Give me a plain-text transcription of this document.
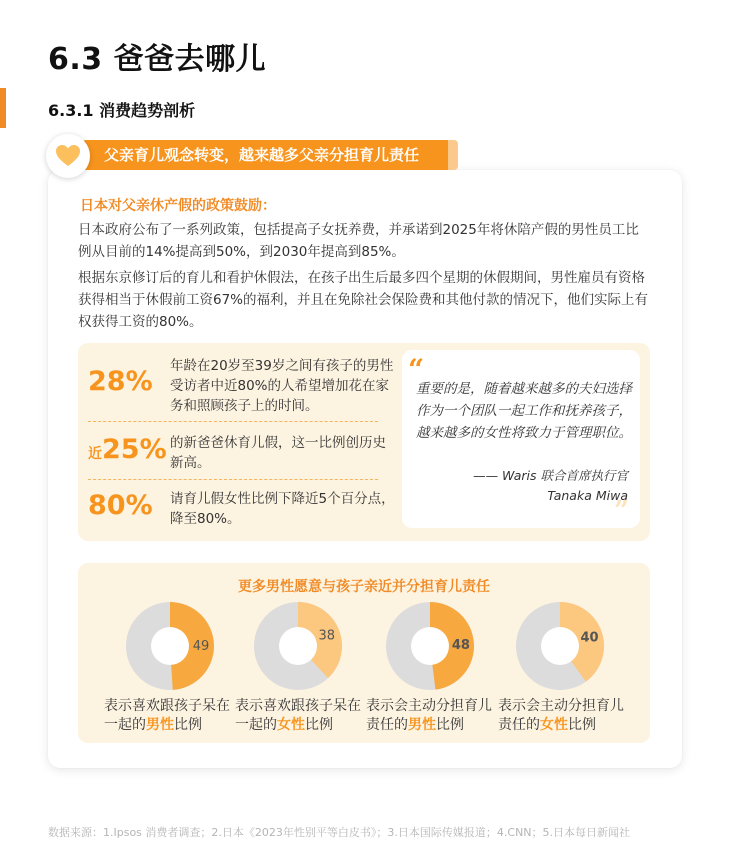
6.3 爸爸去哪儿
6.3.1 消费趋势剖析
父亲育儿观念转变，越来越多父亲分担育儿责任
日本对父亲休产假的政策鼓励：
日本政府公布了一系列政策，包括提高子女抚养费，并承诺到2025年将休陪产假的男性员工比例从目前的14%提高到50%，到2030年提高到85%。
根据东京修订后的育儿和看护休假法，在孩子出生后最多四个星期的休假期间，男性雇员有资格获得相当于休假前工资67%的福利，并且在免除社会保险费和其他付款的情况下，他们实际上有权获得工资的80%。
28% 年龄在20岁至39岁之间有孩子的男性受访者中近80%的人希望增加花在家务和照顾孩子上的时间。
近25% 的新爸爸休育儿假，这一比例创历史新高。
80% 请育儿假女性比例下降近5个百分点，降至80%。
“
重要的是，随着越来越多的夫妇选择作为一个团队一起工作和抚养孩子，越来越多的女性将致力于管理职位。
—— Waris 联合首席执行官
Tanaka Miwa
”
更多男性愿意与孩子亲近并分担育儿责任
49
表示喜欢跟孩子呆在一起的男性比例
38
表示喜欢跟孩子呆在一起的女性比例
48
表示会主动分担育儿责任的男性比例
40
表示会主动分担育儿责任的女性比例
数据来源：1.Ipsos 消费者调查；2.日本《2023年性别平等白皮书》；3.日本国际传媒报道；4.CNN；5.日本每日新闻社
